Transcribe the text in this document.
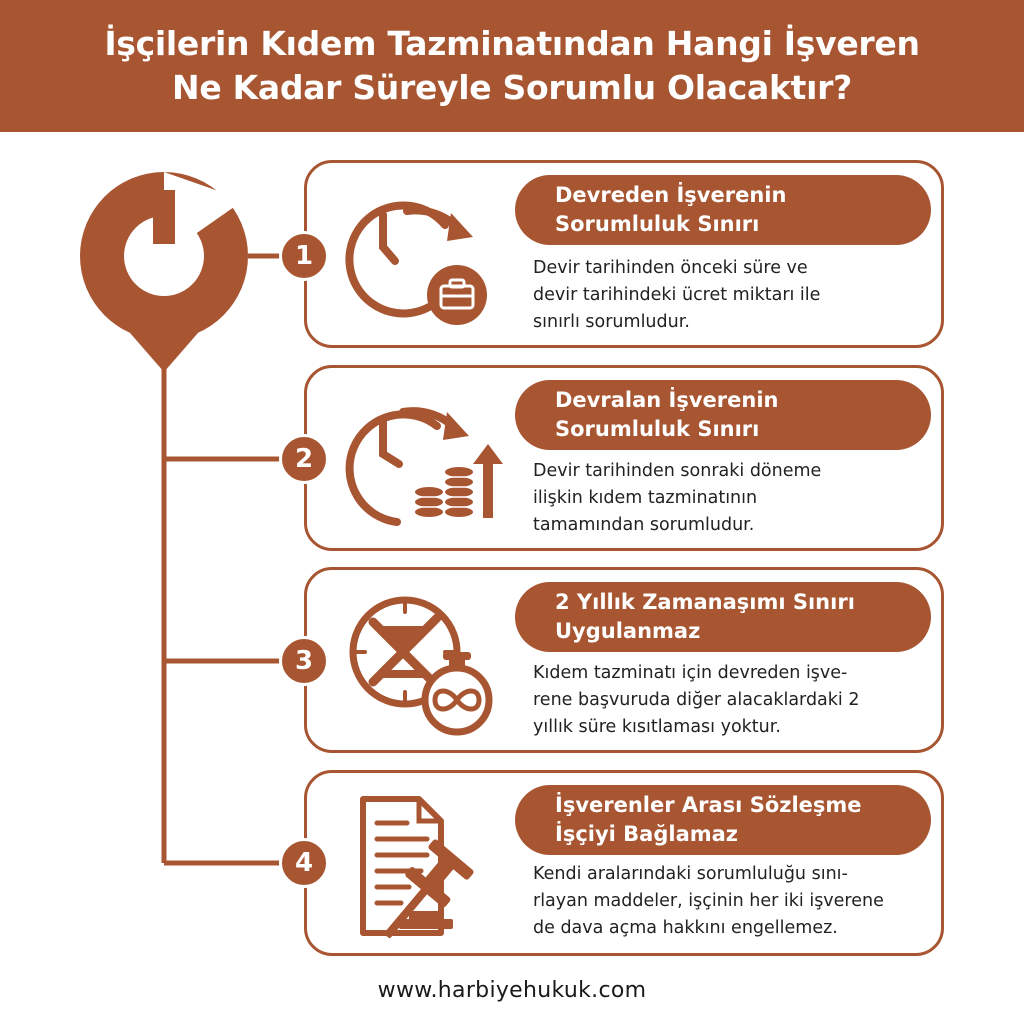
İşçilerin Kıdem Tazminatından Hangi İşveren
Ne Kadar Süreyle Sorumlu Olacaktır?
Devreden İşverenin
Sorumluluk Sınırı
Devir tarihinden önceki süre ve
devir tarihindeki ücret miktarı ile
sınırlı sorumludur.
1
Devralan İşverenin
Sorumluluk Sınırı
Devir tarihinden sonraki döneme
ilişkin kıdem tazminatının
tamamından sorumludur.
2
2 Yıllık Zamanaşımı Sınırı
Uygulanmaz
Kıdem tazminatı için devreden işve-
rene başvuruda diğer alacaklardaki 2
yıllık süre kısıtlaması yoktur.
3
İşverenler Arası Sözleşme
İşçiyi Bağlamaz
Kendi aralarındaki sorumluluğu sını-
rlayan maddeler, işçinin her iki işverene
de dava açma hakkını engellemez.
4
www.harbiyehukuk.com
